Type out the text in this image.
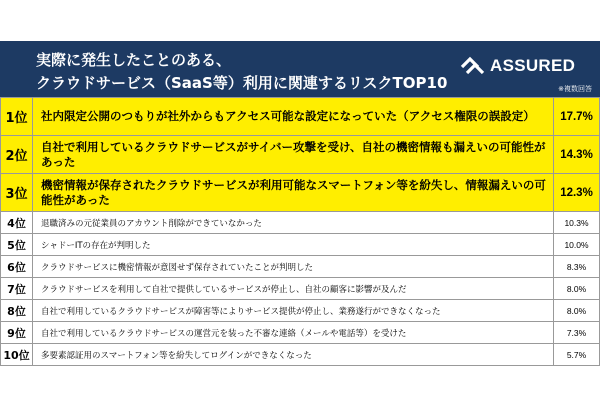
実際に発生したことのある、
クラウドサービス（SaaS等）利用に関連するリスクTOP10
ASSURED
※複数回答
1位	社内限定公開のつもりが社外からもアクセス可能な設定になっていた（アクセス権限の誤設定）	17.7%
2位	自社で利用しているクラウドサービスがサイバー攻撃を受け、自社の機密情報も漏えいの可能性があった	14.3%
3位	機密情報が保存されたクラウドサービスが利用可能なスマートフォン等を紛失し、情報漏えいの可能性があった	12.3%
4位	退職済みの元従業員のアカウント削除ができていなかった	10.3%
5位	シャドーITの存在が判明した	10.0%
6位	クラウドサービスに機密情報が意図せず保存されていたことが判明した	8.3%
7位	クラウドサービスを利用して自社で提供しているサービスが停止し、自社の顧客に影響が及んだ	8.0%
8位	自社で利用しているクラウドサービスが障害等によりサービス提供が停止し、業務遂行ができなくなった	8.0%
9位	自社で利用しているクラウドサービスの運営元を装った不審な連絡（メールや電話等）を受けた	7.3%
10位	多要素認証用のスマートフォン等を紛失してログインができなくなった	5.7%
